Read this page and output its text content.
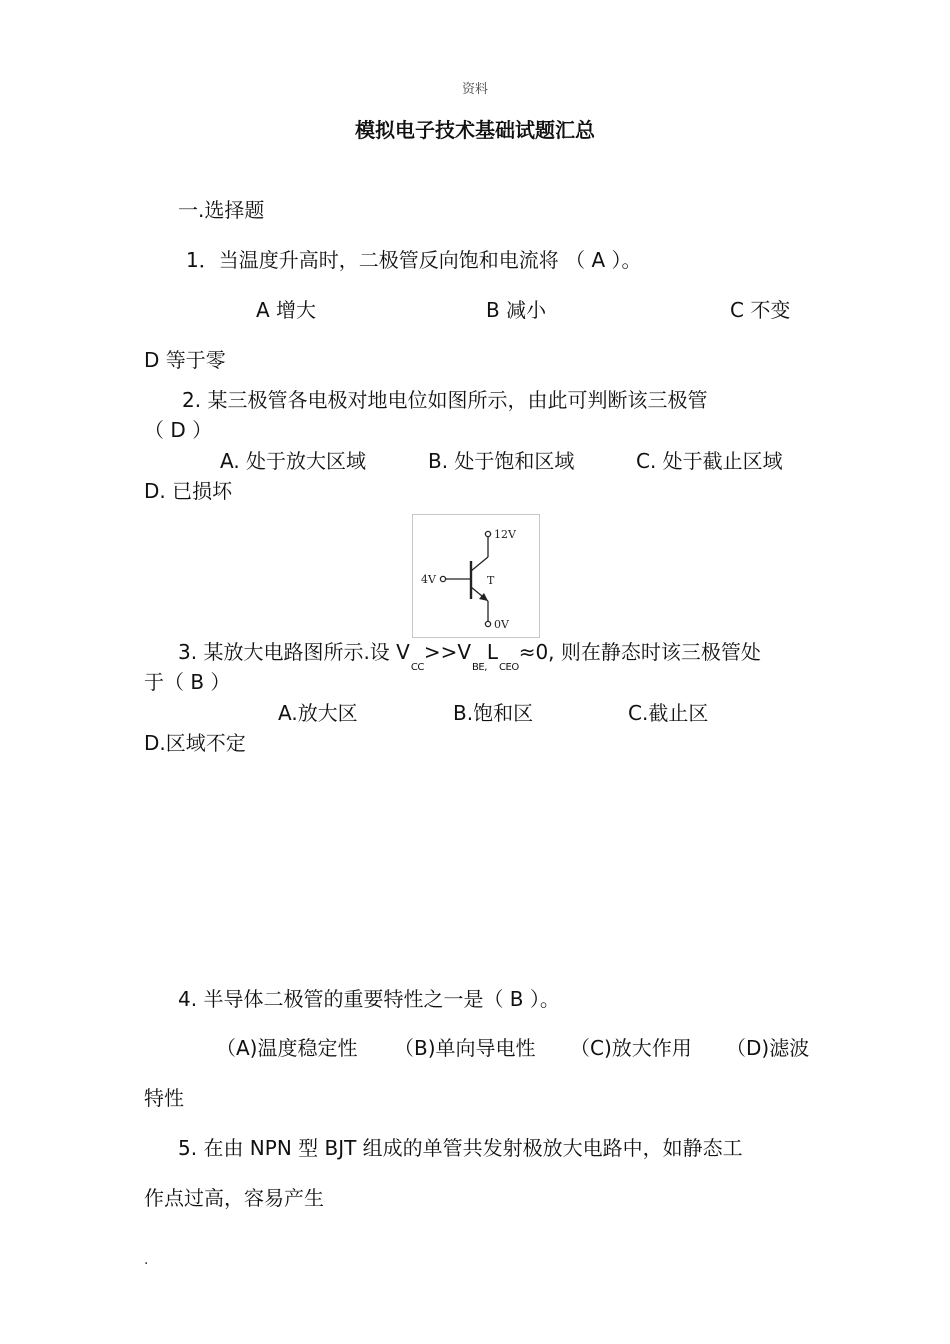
资料
模拟电子技术基础试题汇总
一.选择题
1．当温度升高时，二极管反向饱和电流将 （ A ）。
A 增大	B 减小	C 不变
D 等于零
2. 某三极管各电极对地电位如图所示，由此可判断该三极管
（ D ）
A. 处于放大区域	B. 处于饱和区域	C. 处于截止区域
D. 已损坏
12V
4V	T
0V
3. 某放大电路图所示.设 $V_{CC}>>V_{BE,}L_{CEO}\approx 0$, 则在静态时该三极管处
于（ B ）
A.放大区	B.饱和区	C.截止区
D.区域不定
4. 半导体二极管的重要特性之一是（ B ）。
（A)温度稳定性 （B)单向导电性 （C)放大作用 （D)滤波
特性
5. 在由 NPN 型 BJT 组成的单管共发射极放大电路中，如静态工
作点过高，容易产生
.
